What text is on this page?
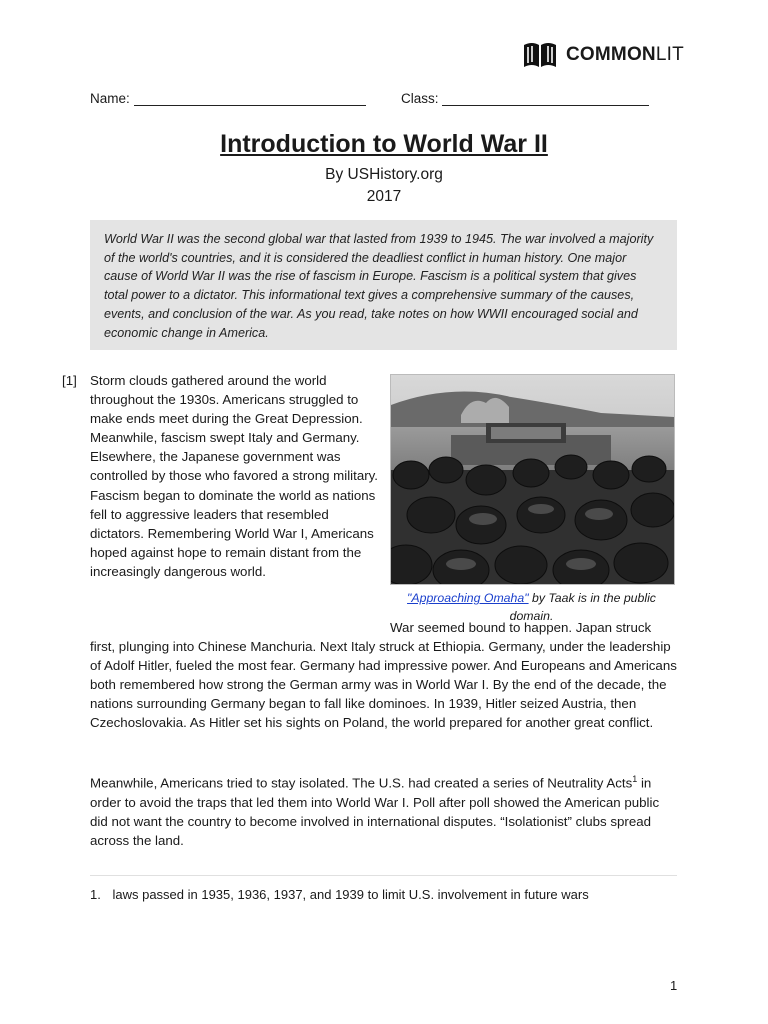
COMMONLIT
Name:	Class:
Introduction to World War II
By USHistory.org
2017
World War II was the second global war that lasted from 1939 to 1945. The war involved a majority of the world's countries, and it is considered the deadliest conflict in human history. One major cause of World War II was the rise of fascism in Europe. Fascism is a political system that gives total power to a dictator. This informational text gives a comprehensive summary of the causes, events, and conclusion of the war. As you read, take notes on how WWII encouraged social and economic change in America.
[1] Storm clouds gathered around the world throughout the 1930s. Americans struggled to make ends meet during the Great Depression. Meanwhile, fascism swept Italy and Germany. Elsewhere, the Japanese government was controlled by those who favored a strong military. Fascism began to dominate the world as nations fell to aggressive leaders that resembled dictators. Remembering World War I, Americans hoped against hope to remain distant from the increasingly dangerous world.
"Approaching Omaha" by Taak is in the public domain.
War seemed bound to happen. Japan struck first, plunging into Chinese Manchuria. Next Italy struck at Ethiopia. Germany, under the leadership of Adolf Hitler, fueled the most fear. Germany had impressive power. And Europeans and Americans both remembered how strong the German army was in World War I. By the end of the decade, the nations surrounding Germany began to fall like dominoes. In 1939, Hitler seized Austria, then Czechoslovakia. As Hitler set his sights on Poland, the world prepared for another great conflict.
Meanwhile, Americans tried to stay isolated. The U.S. had created a series of Neutrality Acts$^1$ in order to avoid the traps that led them into World War I. Poll after poll showed the American public did not want the country to become involved in international disputes. “Isolationist” clubs spread across the land.
1. laws passed in 1935, 1936, 1937, and 1939 to limit U.S. involvement in future wars
1
